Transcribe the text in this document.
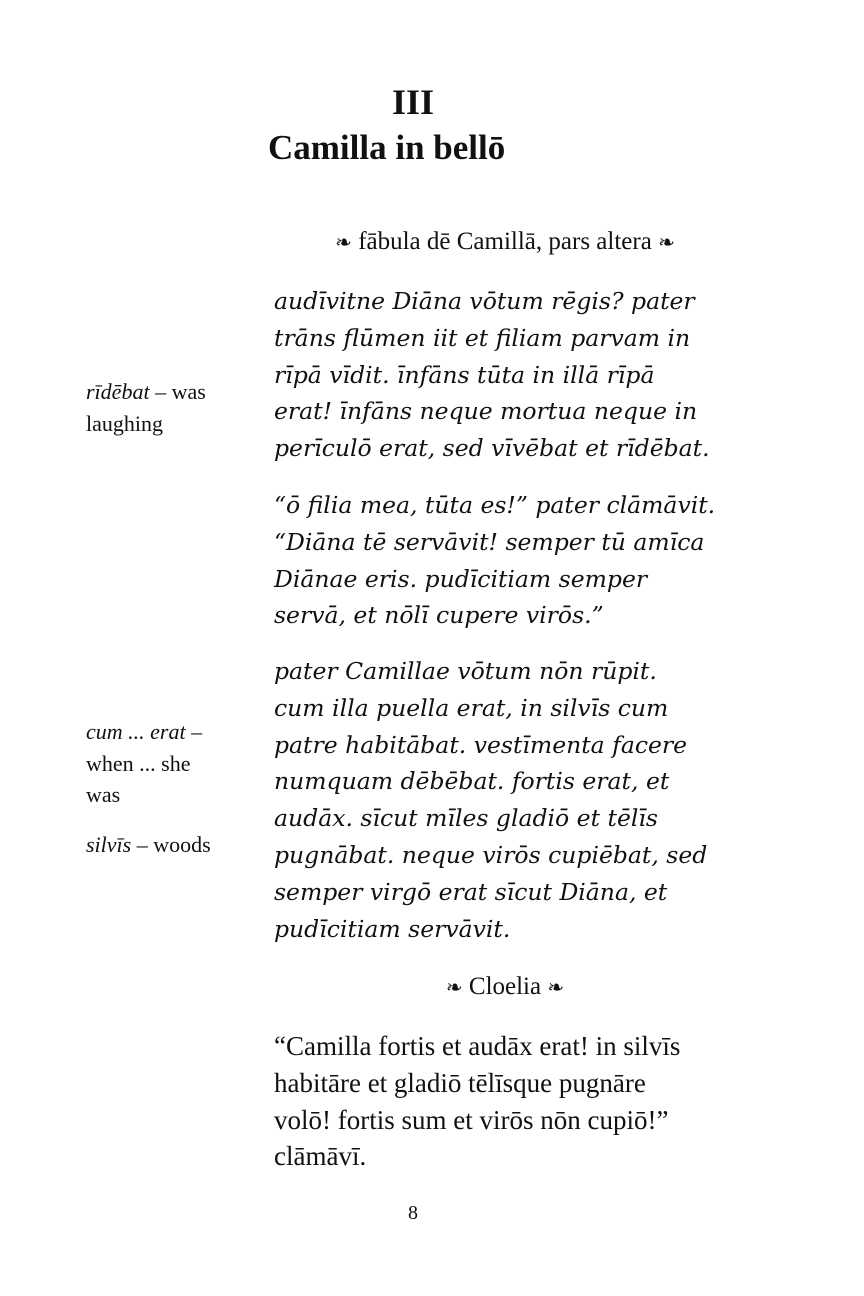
III
Camilla in bellō
❧ fābula dē Camillā, pars altera ❧
audīvitne Diāna vōtum rēgis? pater
trāns flūmen iit et filiam parvam in
rīpā vīdit. īnfāns tūta in illā rīpā
erat! īnfāns neque mortua neque in
perīculō erat, sed vīvēbat et rīdēbat.
“ō filia mea, tūta es!” pater clāmāvit.
“Diāna tē servāvit! semper tū amīca
Diānae eris. pudīcitiam semper
servā, et nōlī cupere virōs.”
pater Camillae vōtum nōn rūpit.
cum illa puella erat, in silvīs cum
patre habitābat. vestīmenta facere
numquam dēbēbat. fortis erat, et
audāx. sīcut mīles gladiō et tēlīs
pugnābat. neque virōs cupiēbat, sed
semper virgō erat sīcut Diāna, et
pudīcitiam servāvit.
❧ Cloelia ❧
“Camilla fortis et audāx erat! in silvīs
habitāre et gladiō tēlīsque pugnāre
volō! fortis sum et virōs nōn cupiō!”
clāmāvī.
rīdēbat – was
laughing
cum ... erat –
when ... she
was
silvīs – woods
8
